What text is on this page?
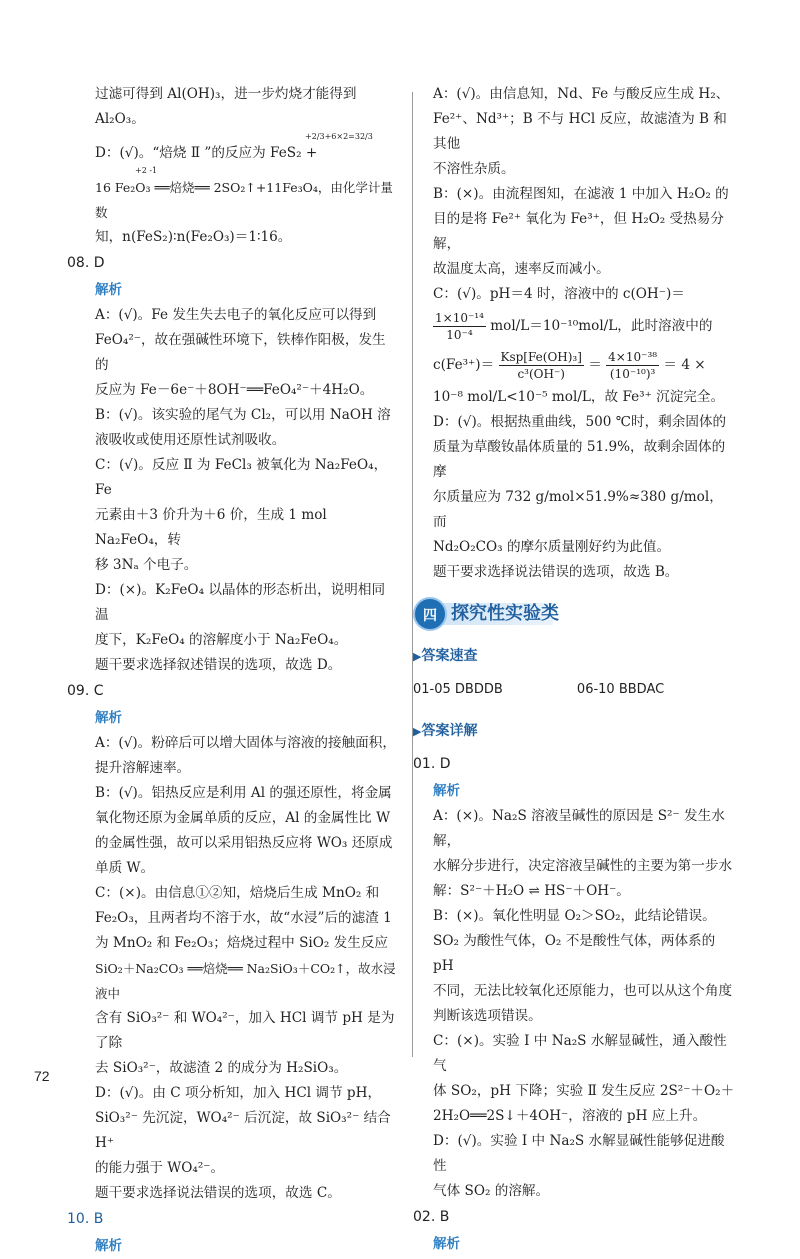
过滤可得到 Al(OH)₃，进一步灼烧才能得到 Al₂O₃。

+2/3+6×2=32/3

D：(√)。“焙烧 Ⅱ ”的反应为 FeS₂ +

+2 -1

16 Fe₂O₃ ══焙烧══ 2SO₂↑+11Fe₃O₄，由化学计量数

知，n(FeS₂)∶n(Fe₂O₃)＝1∶16。

08. D

解析

A：(√)。Fe 发生失去电子的氧化反应可以得到

FeO₄²⁻，故在强碱性环境下，铁棒作阳极，发生的

反应为 Fe－6e⁻＋8OH⁻══FeO₄²⁻＋4H₂O。

B：(√)。该实验的尾气为 Cl₂，可以用 NaOH 溶

液吸收或使用还原性试剂吸收。

C：(√)。反应 Ⅱ 为 FeCl₃ 被氧化为 Na₂FeO₄，Fe

元素由＋3 价升为＋6 价，生成 1 mol Na₂FeO₄，转

移 3Nₐ 个电子。

D：(×)。K₂FeO₄ 以晶体的形态析出，说明相同温

度下，K₂FeO₄ 的溶解度小于 Na₂FeO₄。

题干要求选择叙述错误的选项，故选 D。

09. C

解析

A：(√)。粉碎后可以增大固体与溶液的接触面积，

提升溶解速率。

B：(√)。铝热反应是利用 Al 的强还原性，将金属

氧化物还原为金属单质的反应，Al 的金属性比 W

的金属性强，故可以采用铝热反应将 WO₃ 还原成

单质 W。

C：(×)。由信息①②知，焙烧后生成 MnO₂ 和

Fe₂O₃，且两者均不溶于水，故“水浸”后的滤渣 1

为 MnO₂ 和 Fe₂O₃；焙烧过程中 SiO₂ 发生反应

SiO₂＋Na₂CO₃ ══焙烧══ Na₂SiO₃＋CO₂↑，故水浸液中

含有 SiO₃²⁻ 和 WO₄²⁻，加入 HCl 调节 pH 是为了除

去 SiO₃²⁻，故滤渣 2 的成分为 H₂SiO₃。

D：(√)。由 C 项分析知，加入 HCl 调节 pH，

SiO₃²⁻ 先沉淀，WO₄²⁻ 后沉淀，故 SiO₃²⁻ 结合 H⁺

的能力强于 WO₄²⁻。

题干要求选择说法错误的选项，故选 C。

10. B

解析

A：(√)。由信息知，Nd、Fe 与酸反应生成 H₂、

Fe²⁺、Nd³⁺；B 不与 HCl 反应，故滤渣为 B 和其他

不溶性杂质。

B：(×)。由流程图知，在滤液 1 中加入 H₂O₂ 的

目的是将 Fe²⁺ 氧化为 Fe³⁺，但 H₂O₂ 受热易分解，

故温度太高，速率反而减小。

C：(√)。pH＝4 时，溶液中的 c(OH⁻)＝

$\frac{\text{1×10⁻¹⁴}}{\text{10⁻⁴}} mol/L=10^{-10}mol/L$，此时溶液中的

$c(Fe^{3+})= \frac{\text{Ksp[Fe(OH)₃]}}{\text{c³(OH⁻)}} = \frac{\text{4×10⁻³⁸}}{\text{(10⁻¹⁰)³}} = 4$ ×

10⁻⁸ mol/L<10⁻⁵ mol/L，故 Fe³⁺ 沉淀完全。

D：(√)。根据热重曲线，500 ℃时，剩余固体的

质量为草酸钕晶体质量的 51.9%，故剩余固体的摩

尔质量应为 732 g/mol×51.9%≈380 g/mol，而

Nd₂O₂CO₃ 的摩尔质量刚好约为此值。

题干要求选择说法错误的选项，故选 B。

四 探究性实验类
▶答案速查
01-05 DBDDB	06-10 BBDAC
▶答案详解

01. D

解析

A：(×)。Na₂S 溶液呈碱性的原因是 S²⁻ 发生水解，

水解分步进行，决定溶液呈碱性的主要为第一步水

解：S²⁻＋H₂O ⇌ HS⁻＋OH⁻。

B：(×)。氧化性明显 O₂＞SO₂，此结论错误。

SO₂ 为酸性气体，O₂ 不是酸性气体，两体系的 pH

不同，无法比较氧化还原能力，也可以从这个角度

判断该选项错误。

C：(×)。实验 Ⅰ 中 Na₂S 水解显碱性，通入酸性气

体 SO₂，pH 下降；实验 Ⅱ 发生反应 2S²⁻＋O₂＋

2H₂O══2S↓＋4OH⁻，溶液的 pH 应上升。

D：(√)。实验 Ⅰ 中 Na₂S 水解显碱性能够促进酸性

气体 SO₂ 的溶解。

02. B

解析

72
